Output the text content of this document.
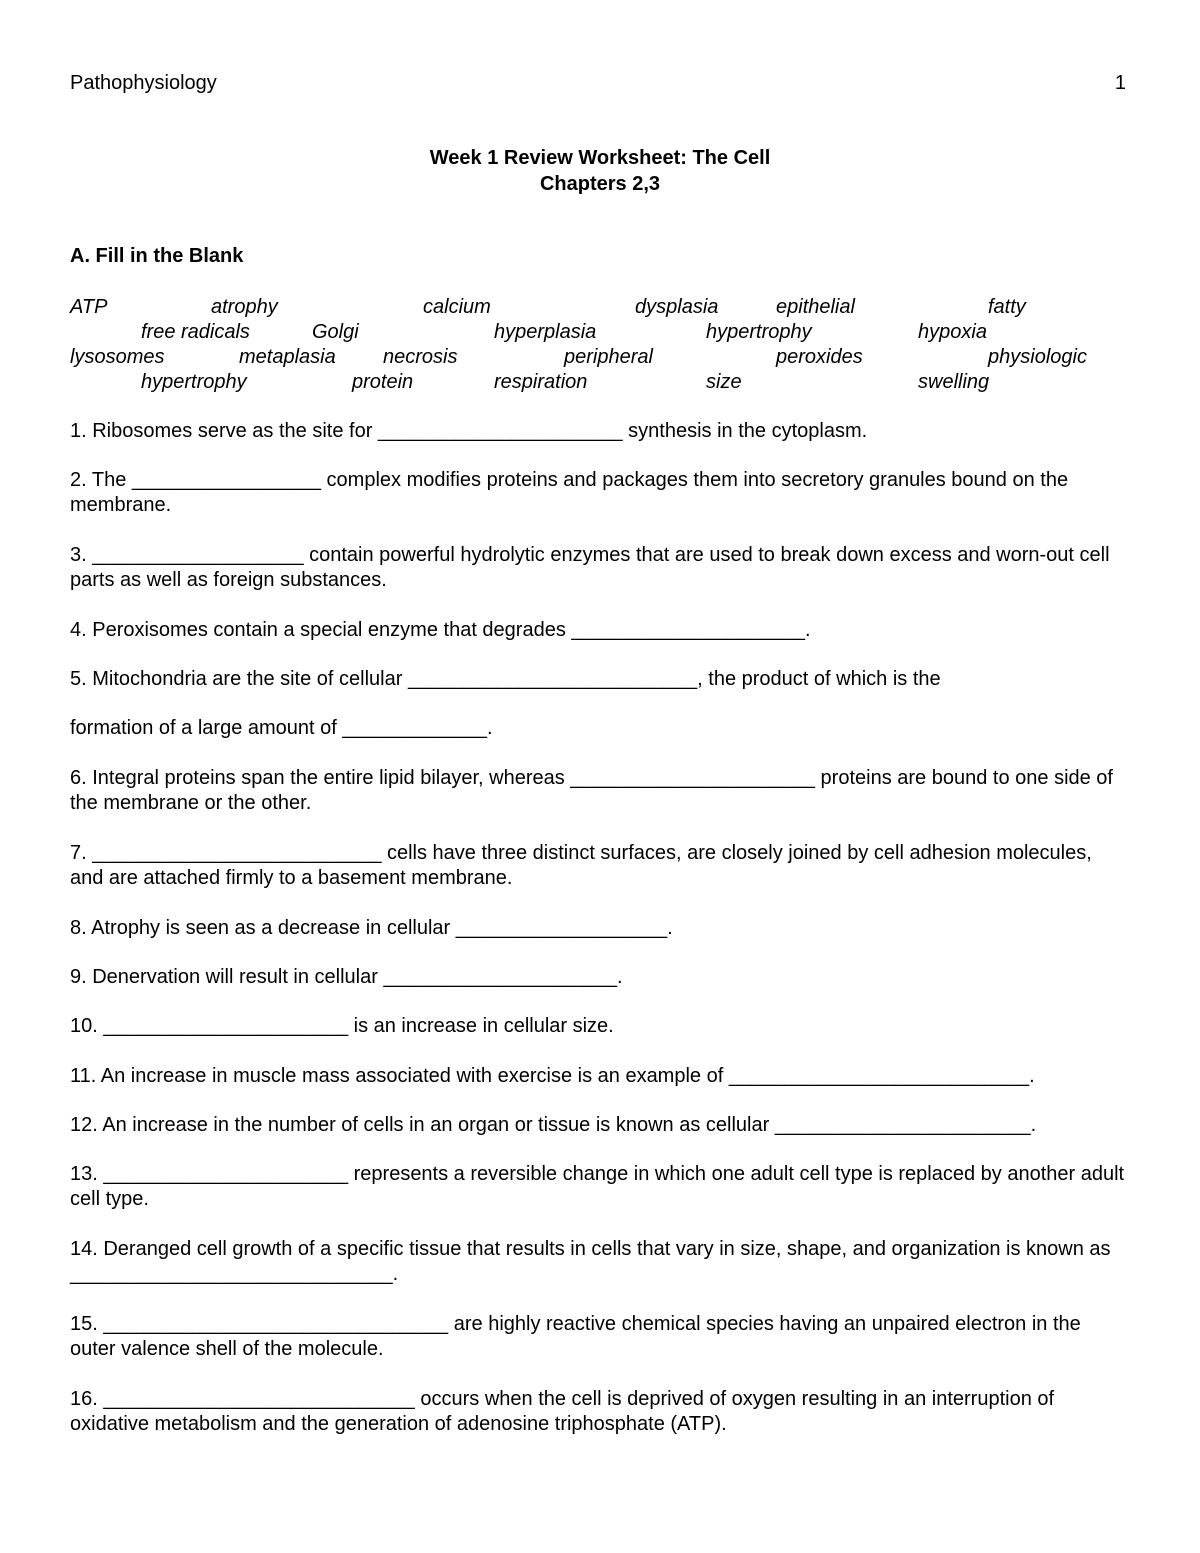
Pathophysiology	1
Week 1 Review Worksheet: The Cell
Chapters 2,3
A. Fill in the Blank
ATP	atrophy	calcium	dysplasia	epithelial	fatty
free radicals	Golgi	hyperplasia	hypertrophy	hypoxia
lysosomes	metaplasia necrosis	peripheral	peroxides	physiologic
hypertrophy	protein	respiration	size	swelling
1. Ribosomes serve as the site for ______________________ synthesis in the cytoplasm.
2. The _________________ complex modifies proteins and packages them into secretory granules bound on the membrane.
3. ___________________ contain powerful hydrolytic enzymes that are used to break down excess and worn-out cell parts as well as foreign substances.
4. Peroxisomes contain a special enzyme that degrades _____________________.
5. Mitochondria are the site of cellular __________________________, the product of which is the
formation of a large amount of _____________.
6. Integral proteins span the entire lipid bilayer, whereas ______________________ proteins are bound to one side of the membrane or the other.
7. __________________________ cells have three distinct surfaces, are closely joined by cell adhesion molecules, and are attached firmly to a basement membrane.
8. Atrophy is seen as a decrease in cellular ___________________.
9. Denervation will result in cellular _____________________.
10. ______________________ is an increase in cellular size.
11. An increase in muscle mass associated with exercise is an example of ___________________________.
12. An increase in the number of cells in an organ or tissue is known as cellular _______________________.
13. ______________________ represents a reversible change in which one adult cell type is replaced by another adult cell type.
14. Deranged cell growth of a specific tissue that results in cells that vary in size, shape, and organization is known as _____________________________.
15. _______________________________ are highly reactive chemical species having an unpaired electron in the outer valence shell of the molecule.
16. ____________________________ occurs when the cell is deprived of oxygen resulting in an interruption of oxidative metabolism and the generation of adenosine triphosphate (ATP).
